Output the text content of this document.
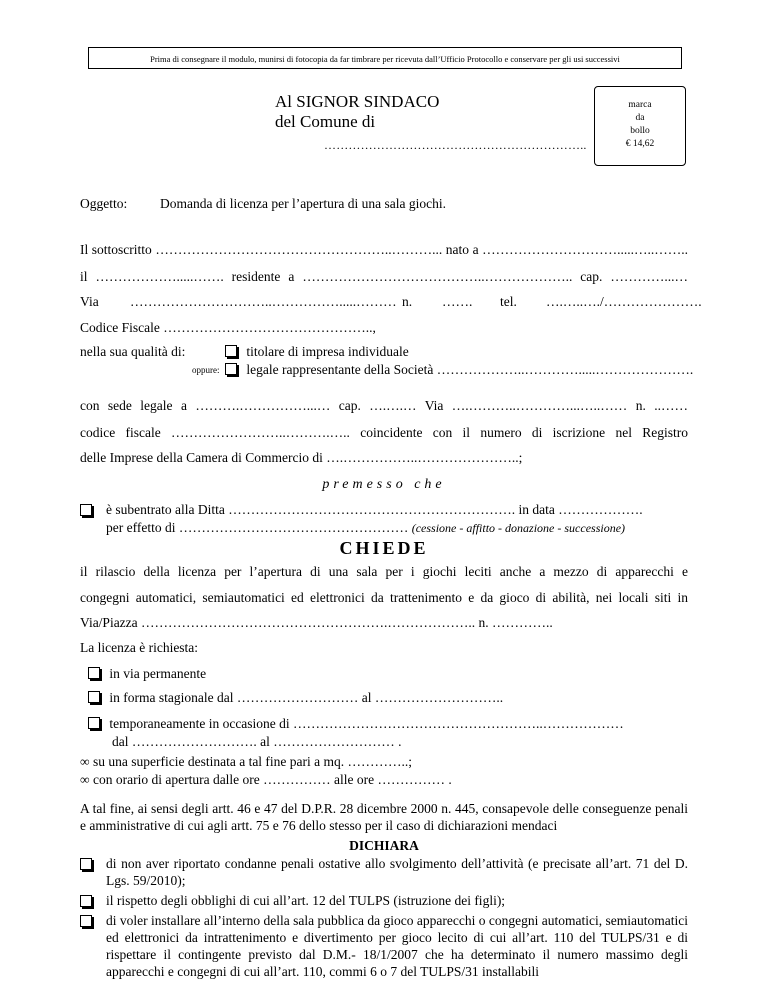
Prima di consegnare il modulo, munirsi di fotocopia da far timbrare per ricevuta dall’Ufficio Protocollo e conservare per gli usi successivi
Al SIGNOR SINDACO
del Comune di
………………………………………………………..
marca
da
bollo
€ 14,62
Oggetto: Domanda di licenza per l’apertura di una sala giochi.
Il sottoscritto ……………………………………………..………... nato a ………………………….....…..……..
il ……………….....……. residente a …………………………………..……………….. cap. …………...…
Via …………………………..…………….....……… n. ……. tel. ….…..…./………………….
Codice Fiscale ………………………………………..,
nella sua qualità di:
oppure:
titolare di impresa individuale
legale rappresentante della Società ………………..………….....………………….
con sede legale a ……….……………...… cap. ….….… Via ….………..…………...…..…… n. ..……
codice fiscale ……………………..……….….. coincidente con il numero di iscrizione nel Registro
delle Imprese della Camera di Commercio di ….……………..…………………..;
premesso che
è subentrato alla Ditta ………………………………………………………. in data ……………….
per effetto di …………………………………………… (cessione - affitto - donazione - successione)
CHIEDE
il rilascio della licenza per l’apertura di una sala per i giochi leciti anche a mezzo di apparecchi e
congegni automatici, semiautomatici ed elettronici da trattenimento e da gioco di abilità, nei locali siti in
Via/Piazza ……………………………………………….……………….. n. …………..
La licenza è richiesta:
in via permanente
in forma stagionale dal ……………………… al ………………………..
temporaneamente in occasione di ………………………………………………..………………
dal ………………………. al ……………………… .
∞ su una superficie destinata a tal fine pari a mq. …………..;
∞ con orario di apertura dalle ore …………… alle ore …………… .
A tal fine, ai sensi degli artt. 46 e 47 del D.P.R. 28 dicembre 2000 n. 445, consapevole delle conseguenze penali e amministrative di cui agli artt. 75 e 76 dello stesso per il caso di dichiarazioni mendaci
DICHIARA
di non aver riportato condanne penali ostative allo svolgimento dell’attività (e precisate all’art. 71 del D. Lgs. 59/2010);
il rispetto degli obblighi di cui all’art. 12 del TULPS (istruzione dei figli);
di voler installare all’interno della sala pubblica da gioco apparecchi o congegni automatici, semiautomatici ed elettronici da intrattenimento e divertimento per gioco lecito di cui all’art. 110 del TULPS/31 e di rispettare il contingente previsto dal D.M.- 18/1/2007 che ha determinato il numero massimo degli apparecchi e congegni di cui all’art. 110, commi 6 o 7 del TULPS/31 installabili
